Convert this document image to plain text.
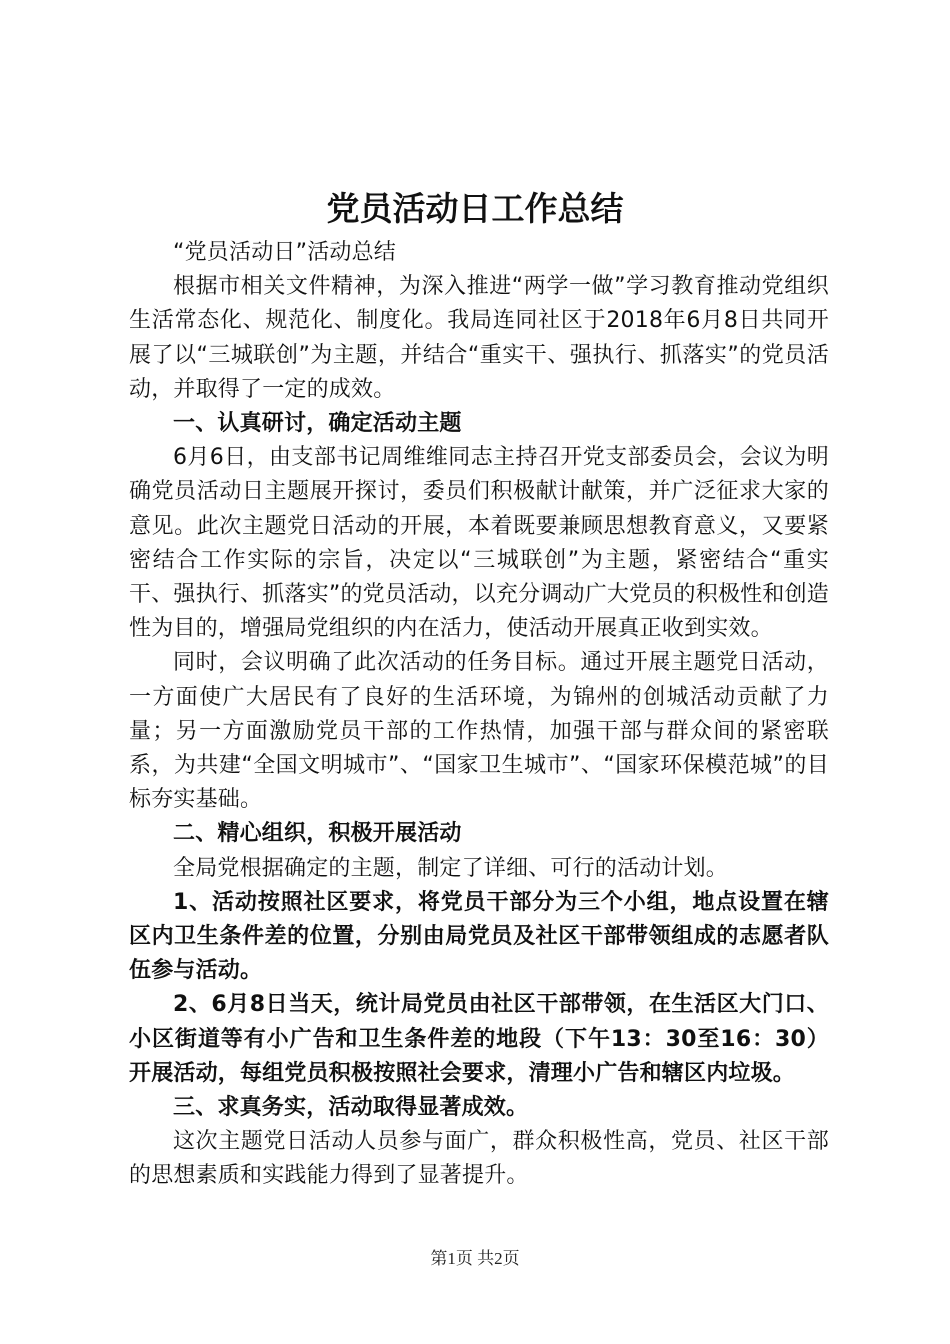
党员活动日工作总结

“党员活动日”活动总结

根据市相关文件精神，为深入推进“两学一做”学习教育推动党组织生活常态化、规范化、制度化。我局连同社区于2018年6月8日共同开展了以“三城联创”为主题，并结合“重实干、强执行、抓落实”的党员活动，并取得了一定的成效。

一、认真研讨，确定活动主题

6月6日，由支部书记周维维同志主持召开党支部委员会，会议为明确党员活动日主题展开探讨，委员们积极献计献策，并广泛征求大家的意见。此次主题党日活动的开展，本着既要兼顾思想教育意义，又要紧密结合工作实际的宗旨，决定以“三城联创”为主题，紧密结合“重实干、强执行、抓落实”的党员活动，以充分调动广大党员的积极性和创造性为目的，增强局党组织的内在活力，使活动开展真正收到实效。

同时，会议明确了此次活动的任务目标。通过开展主题党日活动，一方面使广大居民有了良好的生活环境，为锦州的创城活动贡献了力量；另一方面激励党员干部的工作热情，加强干部与群众间的紧密联系，为共建“全国文明城市”、“国家卫生城市”、“国家环保模范城”的目标夯实基础。

二、精心组织，积极开展活动

全局党根据确定的主题，制定了详细、可行的活动计划。

1、活动按照社区要求，将党员干部分为三个小组，地点设置在辖区内卫生条件差的位置，分别由局党员及社区干部带领组成的志愿者队伍参与活动。

2、6月8日当天，统计局党员由社区干部带领，在生活区大门口、小区街道等有小广告和卫生条件差的地段（下午13：30至16：30）开展活动，每组党员积极按照社会要求，清理小广告和辖区内垃圾。

三、求真务实，活动取得显著成效。

这次主题党日活动人员参与面广，群众积极性高，党员、社区干部的思想素质和实践能力得到了显著提升。

第1页 共2页
